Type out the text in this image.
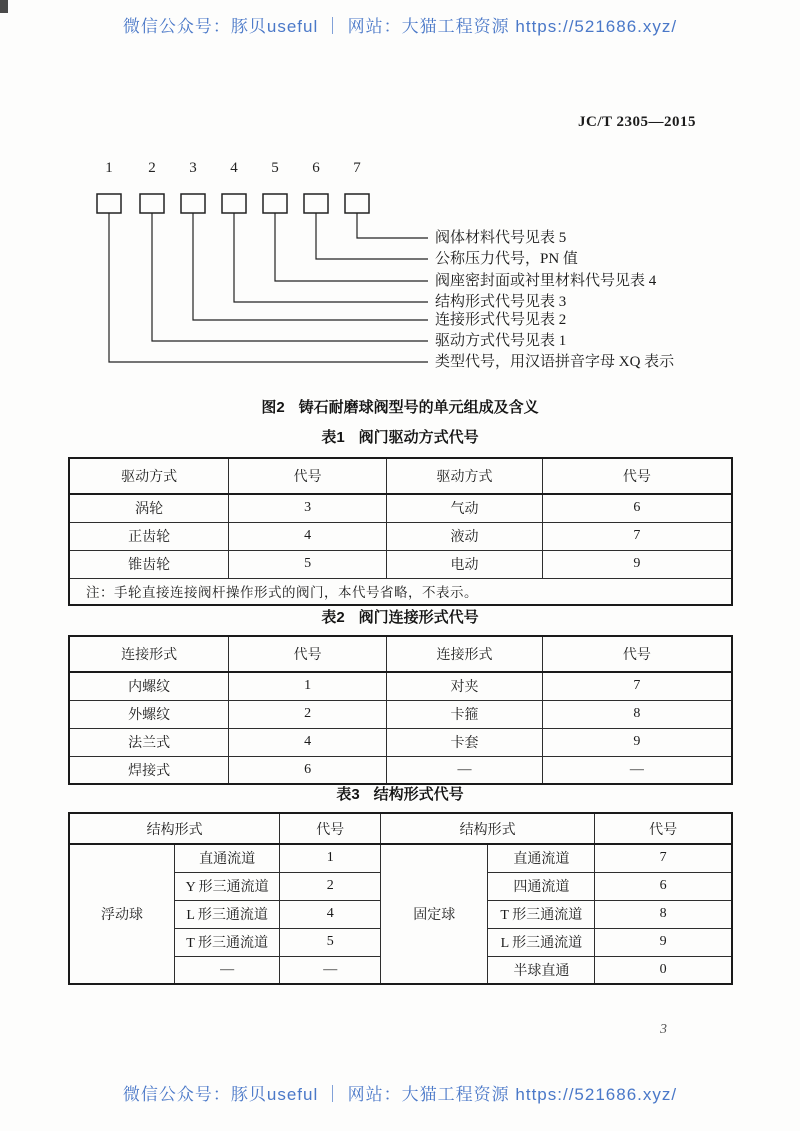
微信公众号：豚贝useful ｜ 网站：大猫工程资源 https://521686.xyz/
JC/T 2305—2015
1	2	3	4	5	6	7
阀体材料代号见表 5
公称压力代号，PN 值
阀座密封面或衬里材料代号见表 4
结构形式代号见表 3
连接形式代号见表 2
驱动方式代号见表 1
类型代号，用汉语拼音字母 XQ 表示
图2 铸石耐磨球阀型号的单元组成及含义
表1 阀门驱动方式代号
驱动方式	代号	驱动方式	代号
涡轮	3	气动	6
正齿轮	4	液动	7
锥齿轮	5	电动	9
注：手轮直接连接阀杆操作形式的阀门，本代号省略，不表示。			
表2 阀门连接形式代号
连接形式	代号	连接形式	代号
内螺纹	1	对夹	7
外螺纹	2	卡箍	8
法兰式	4	卡套	9
焊接式	6	—	—
表3 结构形式代号
结构形式		代号	结构形式		代号
浮动球	直通流道	1	固定球	直通流道	7
	Y 形三通流道	2		四通流道	6
	L 形三通流道	4		T 形三通流道	8
	T 形三通流道	5		L 形三通流道	9
	—	—		半球直通	0
3
微信公众号：豚贝useful ｜ 网站：大猫工程资源 https://521686.xyz/
